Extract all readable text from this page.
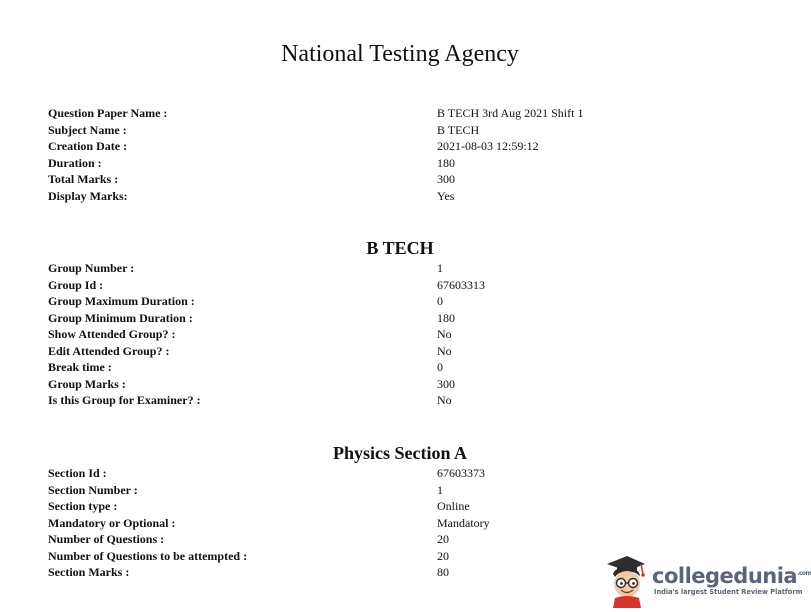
National Testing Agency
Question Paper Name :	B TECH 3rd Aug 2021 Shift 1
Subject Name :	B TECH
Creation Date :	2021-08-03 12:59:12
Duration :	180
Total Marks :	300
Display Marks:	Yes
B TECH
Group Number :	1
Group Id :	67603313
Group Maximum Duration :	0
Group Minimum Duration :	180
Show Attended Group? :	No
Edit Attended Group? :	No
Break time :	0
Group Marks :	300
Is this Group for Examiner? :	No
Physics Section A
Section Id :	67603373
Section Number :	1
Section type :	Online
Mandatory or Optional :	Mandatory
Number of Questions :	20
Number of Questions to be attempted :	20
Section Marks :	80	collegedunia$^{.com}$
India's largest Student Review Platform
